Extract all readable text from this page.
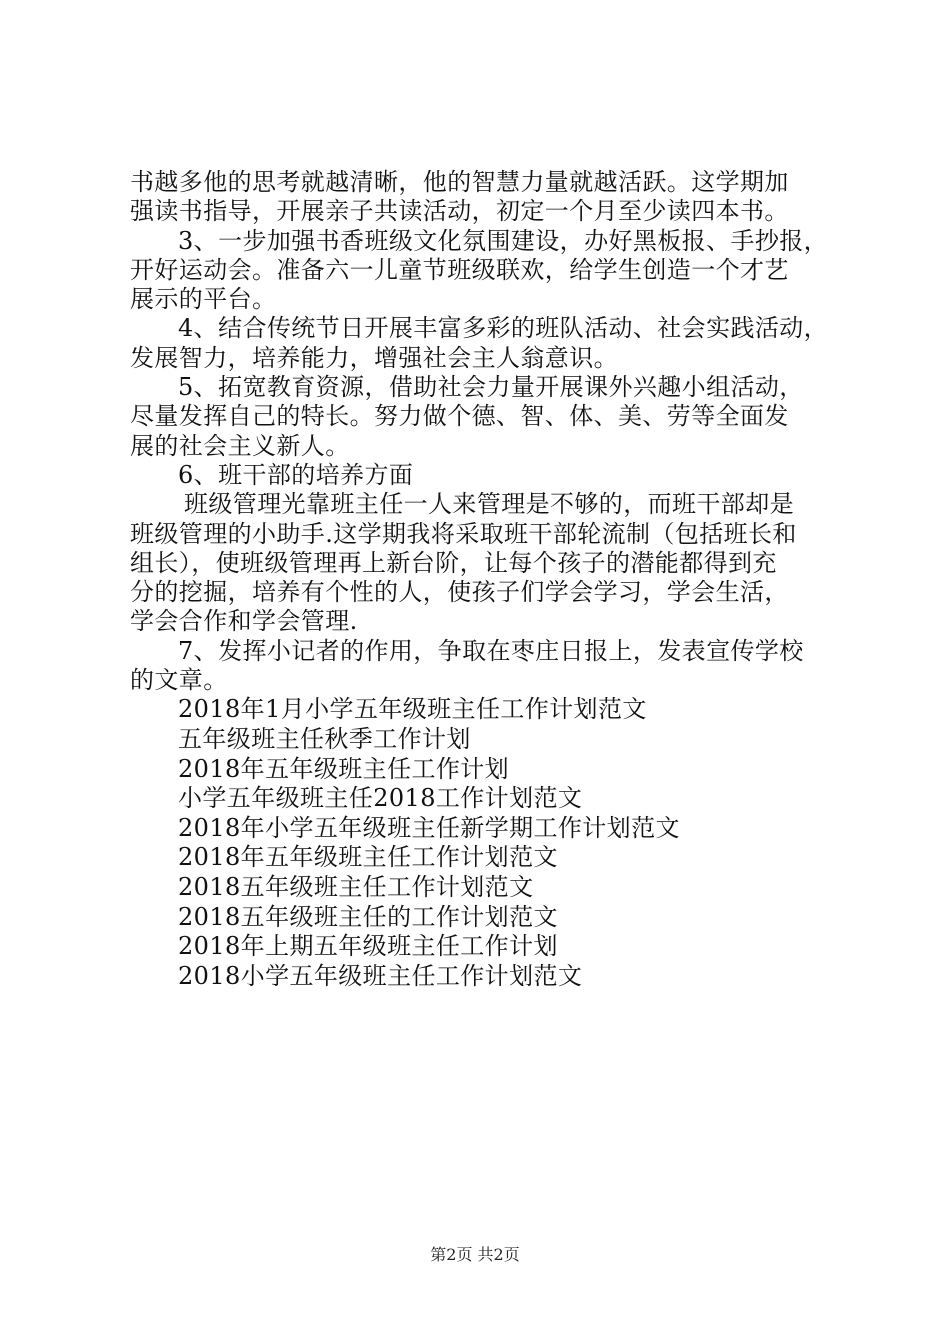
书越多他的思考就越清晰，他的智慧力量就越活跃。这学期加
强读书指导，开展亲子共读活动，初定一个月至少读四本书。
3、一步加强书香班级文化氛围建设，办好黑板报、手抄报，
开好运动会。准备六一儿童节班级联欢，给学生创造一个才艺
展示的平台。
4、结合传统节日开展丰富多彩的班队活动、社会实践活动，
发展智力，培养能力，增强社会主人翁意识。
5、拓宽教育资源，借助社会力量开展课外兴趣小组活动，
尽量发挥自己的特长。努力做个德、智、体、美、劳等全面发
展的社会主义新人。
6、班干部的培养方面
班级管理光靠班主任一人来管理是不够的，而班干部却是
班级管理的小助手.这学期我将采取班干部轮流制（包括班长和
组长），使班级管理再上新台阶，让每个孩子的潜能都得到充
分的挖掘，培养有个性的人，使孩子们学会学习，学会生活，
学会合作和学会管理.
7、发挥小记者的作用，争取在枣庄日报上，发表宣传学校
的文章。
2018年1月小学五年级班主任工作计划范文
五年级班主任秋季工作计划
2018年五年级班主任工作计划
小学五年级班主任2018工作计划范文
2018年小学五年级班主任新学期工作计划范文
2018年五年级班主任工作计划范文
2018五年级班主任工作计划范文
2018五年级班主任的工作计划范文
2018年上期五年级班主任工作计划
2018小学五年级班主任工作计划范文
第2页 共2页
